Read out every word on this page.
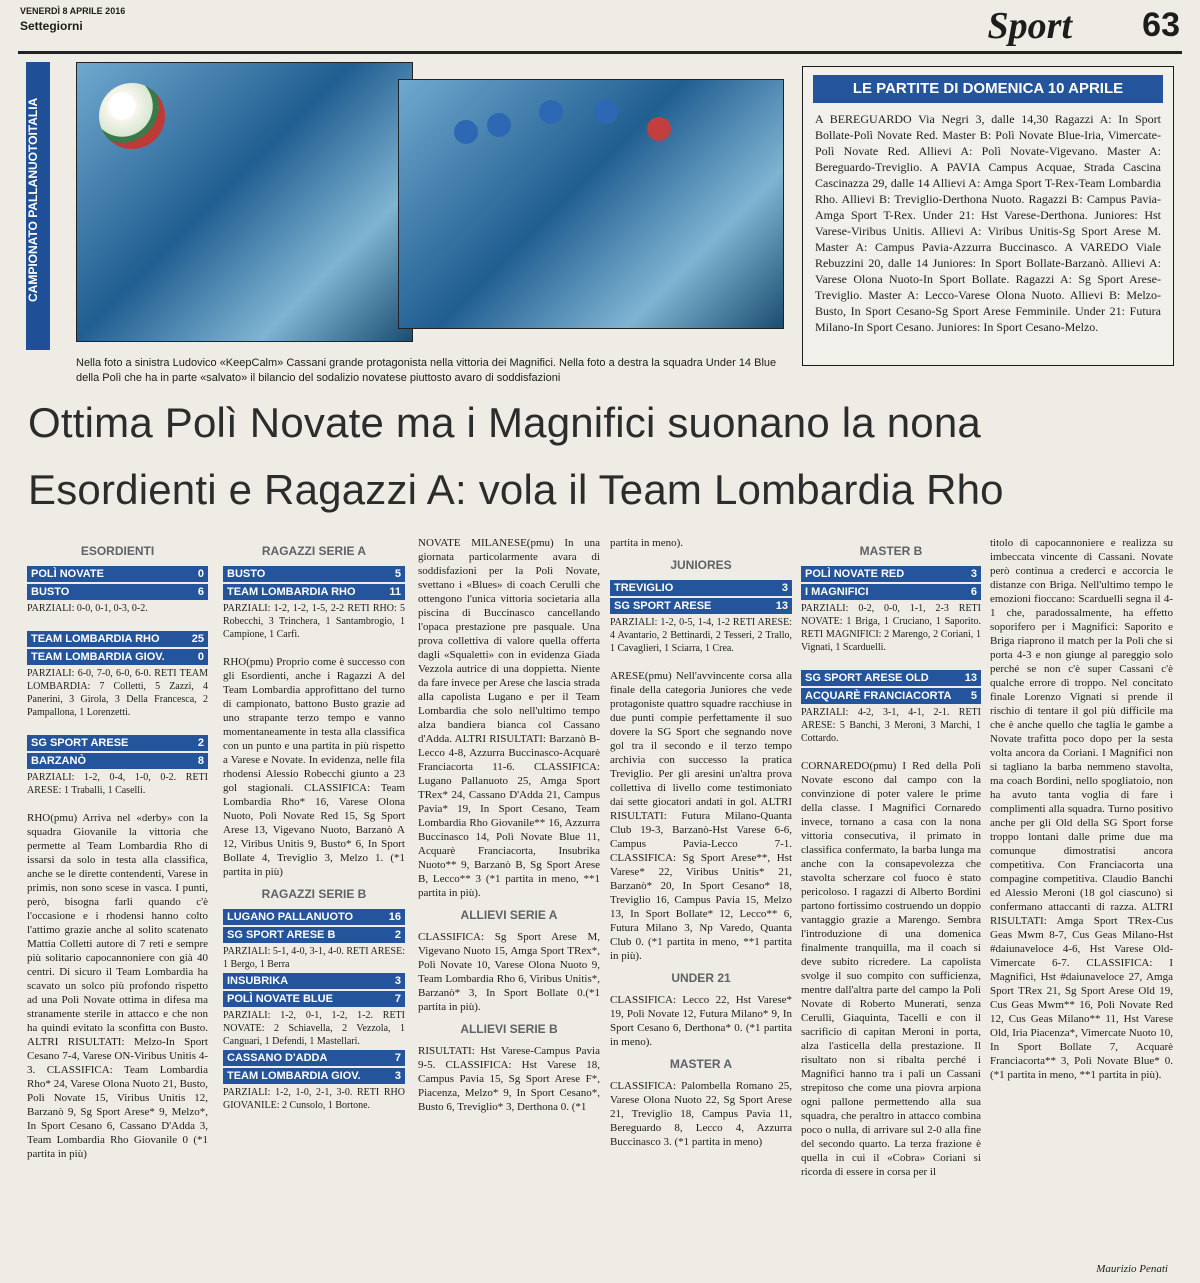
VENERDÌ 8 APRILE 2016
Settegiorni	Sport 63
CAMPIONATO PALLANUOTOITALIA
Nella foto a sinistra Ludovico «KeepCalm» Cassani grande protagonista nella vittoria dei Magnifici. Nella foto a destra la squadra Under 14 Blue della Polì che ha in parte «salvato» il bilancio del sodalizio novatese piuttosto avaro di soddisfazioni
LE PARTITE DI DOMENICA 10 APRILE
A BEREGUARDO Via Negri 3, dalle 14,30 Ragazzi A: In Sport Bollate-Polì Novate Red. Master B: Polì Novate Blue-Iria, Vimercate-Polì Novate Red. Allievi A: Polì Novate-Vigevano. Master A: Bereguardo-Treviglio. A PAVIA Campus Acquae, Strada Cascina Cascinazza 29, dalle 14 Allievi A: Amga Sport T-Rex-Team Lombardia Rho. Allievi B: Treviglio-Derthona Nuoto. Ragazzi B: Campus Pavia-Amga Sport T-Rex. Under 21: Hst Varese-Derthona. Juniores: Hst Varese-Viribus Unitis. Allievi A: Viribus Unitis-Sg Sport Arese M. Master A: Campus Pavia-Azzurra Buccinasco. A VAREDO Viale Rebuzzini 20, dalle 14 Juniores: In Sport Bollate-Barzanò. Allievi A: Varese Olona Nuoto-In Sport Bollate. Ragazzi A: Sg Sport Arese-Treviglio. Master A: Lecco-Varese Olona Nuoto. Allievi B: Melzo-Busto, In Sport Cesano-Sg Sport Arese Femminile. Under 21: Futura Milano-In Sport Cesano. Juniores: In Sport Cesano-Melzo.
Ottima Polì Novate ma i Magnifici suonano la nona
Esordienti e Ragazzi A: vola il Team Lombardia Rho
ESORDIENTI
POLÌ NOVATE	0
BUSTO	6

PARZIALI: 0-0, 0-1, 0-3, 0-2.

TEAM LOMBARDIA RHO	25
TEAM LOMBARDIA GIOV.	0

PARZIALI: 6-0, 7-0, 6-0, 6-0. RETI TEAM LOMBARDIA: 7 Colletti, 5 Zazzi, 4 Panerini, 3 Girola, 3 Della Francesca, 2 Pampallona, 1 Lorenzetti.

SG SPORT ARESE	2
BARZANÒ	8

PARZIALI: 1-2, 0-4, 1-0, 0-2. RETI ARESE: 1 Traballi, 1 Caselli.

RHO(pmu) Arriva nel «derby» con la squadra Giovanile la vittoria che permette al Team Lombardia Rho di issarsi da solo in testa alla classifica, anche se le dirette contendenti, Varese in primis, non sono scese in vasca. I punti, però, bisogna farli quando c'è l'occasione e i rhodensi hanno colto l'attimo grazie anche al solito scatenato Mattia Colletti autore di 7 reti e sempre più solitario capocannoniere con già 40 centri. Di sicuro il Team Lombardia ha scavato un solco più profondo rispetto ad una Polì Novate ottima in difesa ma stranamente sterile in attacco e che non ha quindi evitato la sconfitta con Busto. ALTRI RISULTATI: Melzo-In Sport Cesano 7-4, Varese ON-Viribus Unitis 4-3. CLASSIFICA: Team Lombardia Rho* 24, Varese Olona Nuoto 21, Busto, Polì Novate 15, Viribus Unitis 12, Barzanò 9, Sg Sport Arese* 9, Melzo*, In Sport Cesano 6, Cassano D'Adda 3, Team Lombardia Rho Giovanile 0 (*1 partita in più)

RAGAZZI SERIE A
BUSTO	5
TEAM LOMBARDIA RHO	11

PARZIALI: 1-2, 1-2, 1-5, 2-2 RETI RHO: 5 Robecchi, 3 Trinchera, 1 Santambrogio, 1 Campione, 1 Carfì.

RHO(pmu) Proprio come è successo con gli Esordienti, anche i Ragazzi A del Team Lombardia approfittano del turno di campionato, battono Busto grazie ad uno strapante terzo tempo e vanno momentaneamente in testa alla classifica con un punto e una partita in più rispetto a Varese e Novate. In evidenza, nelle fila rhodensi Alessio Robecchi giunto a 23 gol stagionali. CLASSIFICA: Team Lombardia Rho* 16, Varese Olona Nuoto, Polì Novate Red 15, Sg Sport Arese 13, Vigevano Nuoto, Barzanò A 12, Viribus Unitis 9, Busto* 6, In Sport Bollate 4, Treviglio 3, Melzo 1. (*1 partita in più)

RAGAZZI SERIE B
LUGANO PALLANUOTO	16
SG SPORT ARESE B	2

PARZIALI: 5-1, 4-0, 3-1, 4-0. RETI ARESE: 1 Bergo, 1 Berra

INSUBRIKA	3
POLÌ NOVATE BLUE	7

PARZIALI: 1-2, 0-1, 1-2, 1-2. RETI NOVATE: 2 Schiavella, 2 Vezzola, 1 Canguari, 1 Defendi, 1 Mastellari.

CASSANO D'ADDA	7
TEAM LOMBARDIA GIOV.	3

PARZIALI: 1-2, 1-0, 2-1, 3-0. RETI RHO GIOVANILE: 2 Cunsolo, 1 Bortone.

NOVATE MILANESE(pmu) In una giornata particolarmente avara di soddisfazioni per la Polì Novate, svettano i «Blues» di coach Cerulli che ottengono l'unica vittoria societaria alla piscina di Buccinasco cancellando l'opaca prestazione pre pasquale. Una prova collettiva di valore quella offerta dagli «Squaletti» con in evidenza Giada Vezzola autrice di una doppietta. Niente da fare invece per Arese che lascia strada alla capolista Lugano e per il Team Lombardia che solo nell'ultimo tempo alza bandiera bianca col Cassano d'Adda. ALTRI RISULTATI: Barzanò B-Lecco 4-8, Azzurra Buccinasco-Acquarè Franciacorta 11-6. CLASSIFICA: Lugano Pallanuoto 25, Amga Sport TRex* 24, Cassano D'Adda 21, Campus Pavia* 19, In Sport Cesano, Team Lombardia Rho Giovanile** 16, Azzurra Buccinasco 14, Polì Novate Blue 11, Acquarè Franciacorta, Insubrika Nuoto** 9, Barzanò B, Sg Sport Arese B, Lecco** 3 (*1 partita in meno, **1 partita in più).

ALLIEVI SERIE A

CLASSIFICA: Sg Sport Arese M, Vigevano Nuoto 15, Amga Sport TRex*, Polì Novate 10, Varese Olona Nuoto 9, Team Lombardia Rho 6, Viribus Unitis*, Barzanò* 3, In Sport Bollate 0.(*1 partita in più).

ALLIEVI SERIE B

RISULTATI: Hst Varese-Campus Pavia 9-5. CLASSIFICA: Hst Varese 18, Campus Pavia 15, Sg Sport Arese F*, Piacenza, Melzo* 9, In Sport Cesano*, Busto 6, Treviglio* 3, Derthona 0. (*1

partita in meno).

JUNIORES
TREVIGLIO	3
SG SPORT ARESE	13

PARZIALI: 1-2, 0-5, 1-4, 1-2 RETI ARESE: 4 Avantario, 2 Bettinardi, 2 Tesseri, 2 Trallo, 1 Cavaglieri, 1 Sciarra, 1 Crea.

ARESE(pmu) Nell'avvincente corsa alla finale della categoria Juniores che vede protagoniste quattro squadre racchiuse in due punti compie perfettamente il suo dovere la SG Sport che segnando nove gol tra il secondo e il terzo tempo archivia con successo la pratica Treviglio. Per gli aresini un'altra prova collettiva di livello come testimoniato dai sette giocatori andati in gol. ALTRI RISULTATI: Futura Milano-Quanta Club 19-3, Barzanò-Hst Varese 6-6, Campus Pavia-Lecco 7-1. CLASSIFICA: Sg Sport Arese**, Hst Varese* 22, Viribus Unitis* 21, Barzanò* 20, In Sport Cesano* 18, Treviglio 16, Campus Pavia 15, Melzo 13, In Sport Bollate* 12, Lecco** 6, Futura Milano 3, Np Varedo, Quanta Club 0. (*1 partita in meno, **1 partita in più).

UNDER 21

CLASSIFICA: Lecco 22, Hst Varese* 19, Polì Novate 12, Futura Milano* 9, In Sport Cesano 6, Derthona* 0. (*1 partita in meno).

MASTER A

CLASSIFICA: Palombella Romano 25, Varese Olona Nuoto 22, Sg Sport Arese 21, Treviglio 18, Campus Pavia 11, Bereguardo 8, Lecco 4, Azzurra Buccinasco 3. (*1 partita in meno)

MASTER B
POLÌ NOVATE RED	3
I MAGNIFICI	6

PARZIALI: 0-2, 0-0, 1-1, 2-3 RETI NOVATE: 1 Briga, 1 Cruciano, 1 Saporito. RETI MAGNIFICI: 2 Marengo, 2 Coriani, 1 Vignati, 1 Scarduelli.

SG SPORT ARESE OLD	13
ACQUARÈ FRANCIACORTA 5

PARZIALI: 4-2, 3-1, 4-1, 2-1. RETI ARESE: 5 Banchi, 3 Meroni, 3 Marchi, 1 Cottardo.

CORNAREDO(pmu) I Red della Polì Novate escono dal campo con la convinzione di poter valere le prime della classe. I Magnifici Cornaredo invece, tornano a casa con la nona vittoria consecutiva, il primato in classifica confermato, la barba lunga ma anche con la consapevolezza che stavolta scherzare col fuoco è stato pericoloso. I ragazzi di Alberto Bordini partono fortissimo costruendo un doppio vantaggio grazie a Marengo. Sembra l'introduzione di una domenica finalmente tranquilla, ma il coach si deve subito ricredere. La capolista svolge il suo compito con sufficienza, mentre dall'altra parte del campo la Polì Novate di Roberto Munerati, senza Cerulli, Giaquinta, Tacelli e con il sacrificio di capitan Meroni in porta, alza l'asticella della prestazione. Il risultato non si ribalta perché i Magnifici hanno tra i pali un Cassani strepitoso che come una piovra arpiona ogni pallone permettendo alla sua squadra, che peraltro in attacco combina poco o nulla, di arrivare sul 2-0 alla fine del secondo quarto. La terza frazione è quella in cui il «Cobra» Coriani si ricorda di essere in corsa per il

titolo di capocannoniere e realizza su imbeccata vincente di Cassani. Novate però continua a crederci e accorcia le distanze con Briga. Nell'ultimo tempo le emozioni fioccano: Scarduelli segna il 4-1 che, paradossalmente, ha effetto soporifero per i Magnifici: Saporito e Briga riaprono il match per la Polì che si porta 4-3 e non giunge al pareggio solo perché se non c'è super Cassani c'è qualche errore di troppo. Nel concitato finale Lorenzo Vignati si prende il rischio di tentare il gol più difficile ma che è anche quello che taglia le gambe a Novate trafitta poco dopo per la sesta volta ancora da Coriani. I Magnifici non si tagliano la barba nemmeno stavolta, ma coach Bordini, nello spogliatoio, non ha avuto tanta voglia di fare i complimenti alla squadra. Turno positivo anche per gli Old della SG Sport forse troppo lontani dalle prime due ma comunque dimostratisi ancora competitiva. Con Franciacorta una compagine competitiva. Claudio Banchi ed Alessio Meroni (18 gol ciascuno) si confermano attaccanti di razza. ALTRI RISULTATI: Amga Sport TRex-Cus Geas Mwm 8-7, Cus Geas Milano-Hst #daiunaveloce 4-6, Hst Varese Old-Vimercate 6-7. CLASSIFICA: I Magnifici, Hst #daiunaveloce 27, Amga Sport TRex 21, Sg Sport Arese Old 19, Cus Geas Mwm** 16, Polì Novate Red 12, Cus Geas Milano** 11, Hst Varese Old, Iria Piacenza*, Vimercate Nuoto 10, In Sport Bollate 7, Acquarè Franciacorta** 3, Polì Novate Blue* 0. (*1 partita in meno, **1 partita in più).

Maurizio Penati
